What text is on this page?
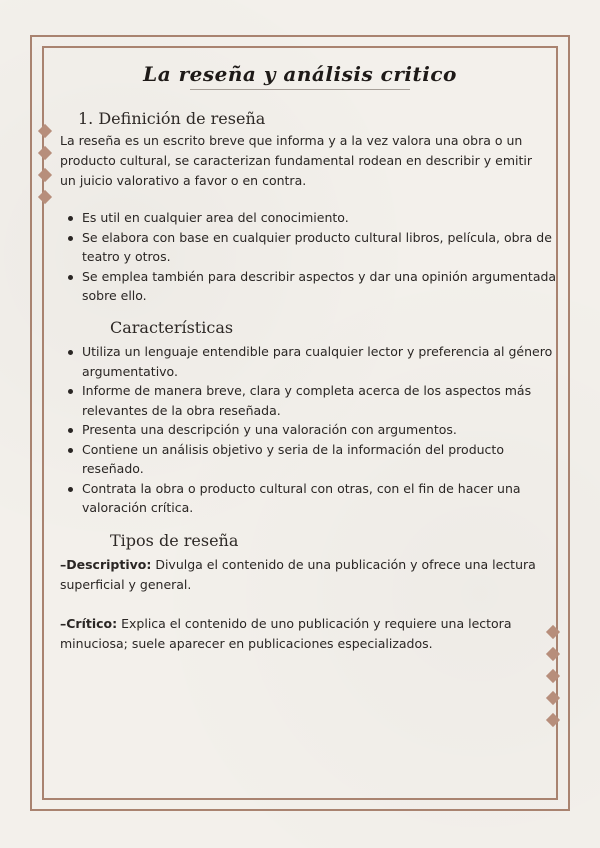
La reseña y análisis critico
1. Definición de reseña
La reseña es un escrito breve que informa y a la vez valora una obra o un producto cultural, se caracterizan fundamental rodean en describir y emitir un juicio valorativo a favor o en contra.
Es util en cualquier area del conocimiento.
Se elabora con base en cualquier producto cultural libros, película, obra de teatro y otros.
Se emplea también para describir aspectos y dar una opinión argumentada sobre ello.
Características
Utiliza un lenguaje entendible para cualquier lector y preferencia al género argumentativo.
Informe de manera breve, clara y completa acerca de los aspectos más relevantes de la obra reseñada.
Presenta una descripción y una valoración con argumentos.
Contiene un análisis objetivo y seria de la información del producto reseñado.
Contrata la obra o producto cultural con otras, con el fin de hacer una valoración crítica.
Tipos de reseña
–Descriptivo: Divulga el contenido de una publicación y ofrece una lectura superficial y general.
–Crítico: Explica el contenido de uno publicación y requiere una lectora minuciosa; suele aparecer en publicaciones especializados.
